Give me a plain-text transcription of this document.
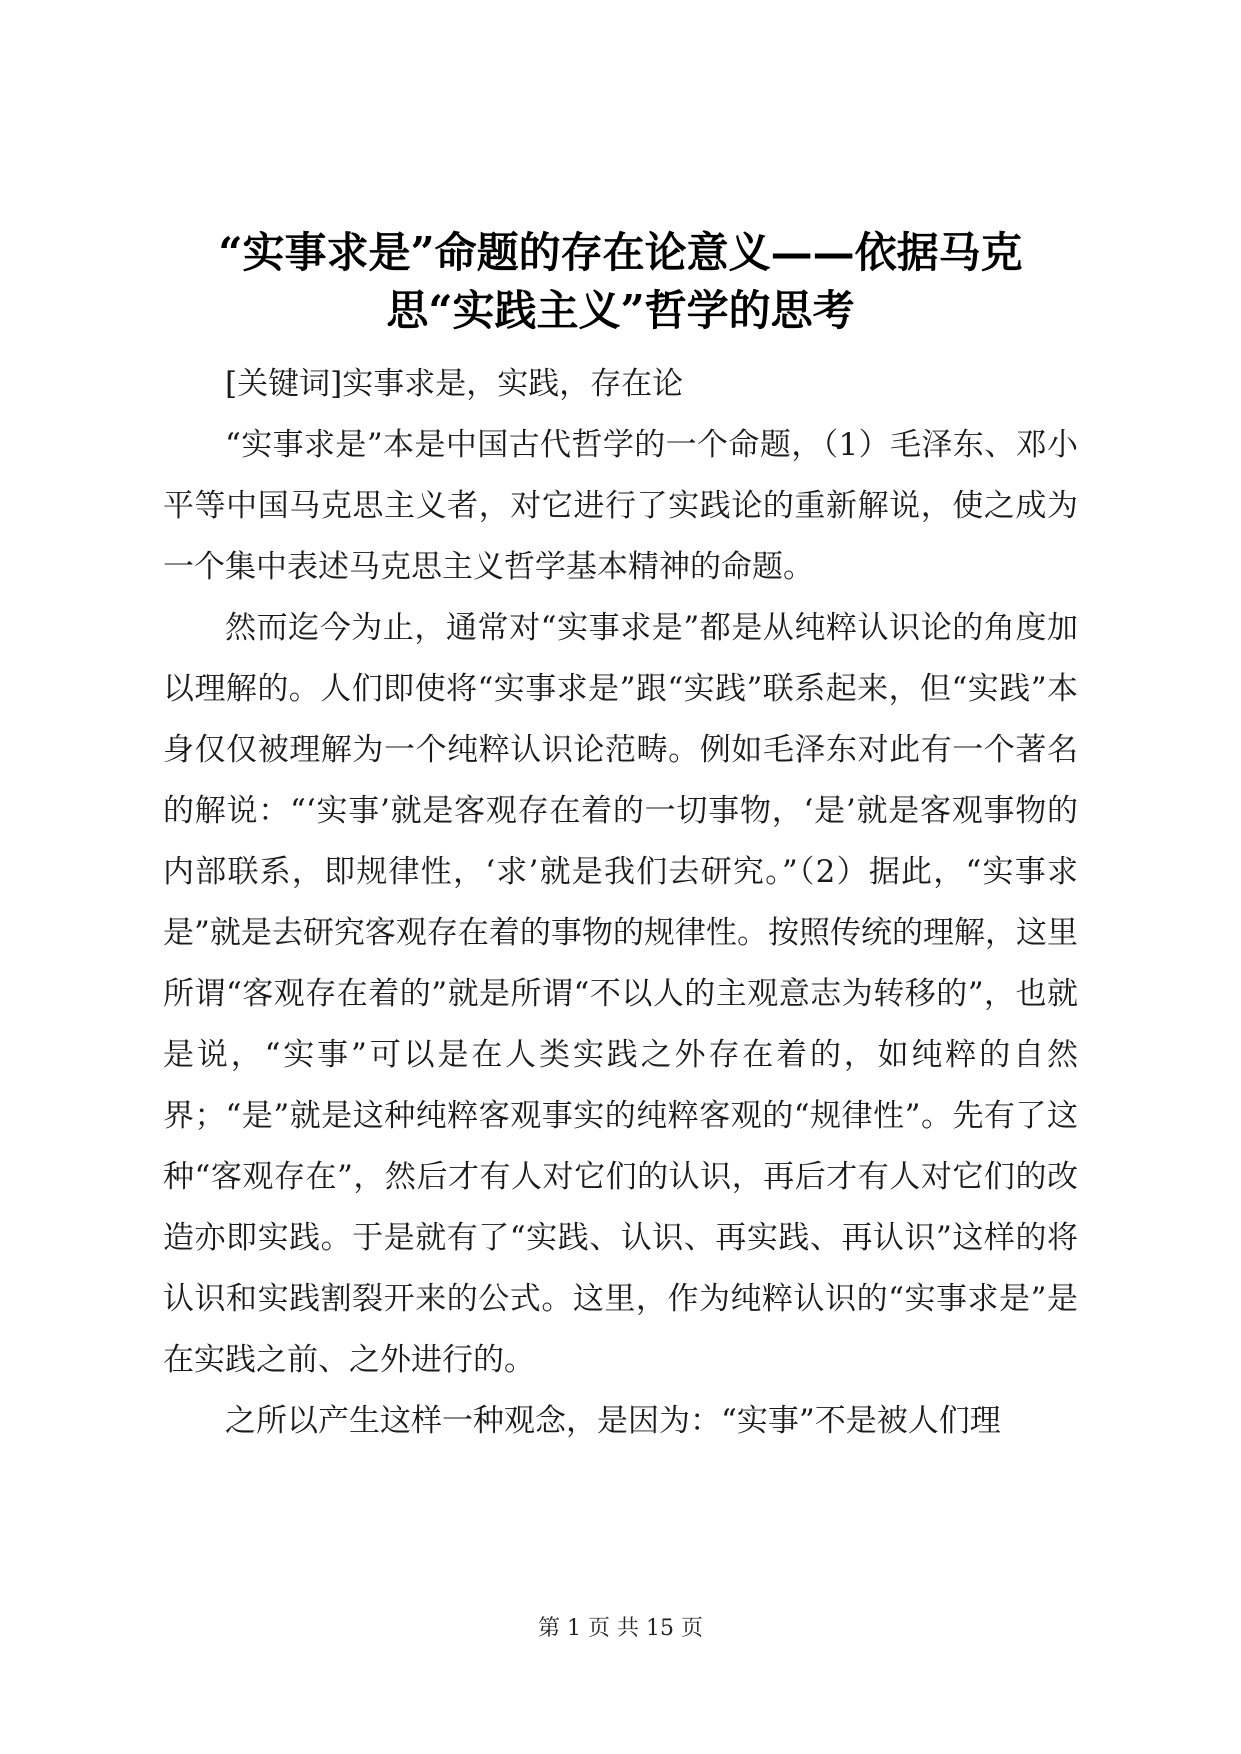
“实事求是”命题的存在论意义——依据马克
思“实践主义”哲学的思考

[关键词]实事求是，实践，存在论

“实事求是”本是中国古代哲学的一个命题，（1）毛泽东、邓小平等中国马克思主义者，对它进行了实践论的重新解说，使之成为一个集中表述马克思主义哲学基本精神的命题。

然而迄今为止，通常对“实事求是”都是从纯粹认识论的角度加以理解的。人们即使将“实事求是”跟“实践”联系起来，但“实践”本身仅仅被理解为一个纯粹认识论范畴。例如毛泽东对此有一个著名的解说：“‘实事’就是客观存在着的一切事物，‘是’就是客观事物的内部联系，即规律性，‘求’就是我们去研究。”（2）据此，“实事求是”就是去研究客观存在着的事物的规律性。按照传统的理解，这里所谓“客观存在着的”就是所谓“不以人的主观意志为转移的”，也就是说，“实事”可以是在人类实践之外存在着的，如纯粹的自然界；“是”就是这种纯粹客观事实的纯粹客观的“规律性”。先有了这种“客观存在”，然后才有人对它们的认识，再后才有人对它们的改造亦即实践。于是就有了“实践、认识、再实践、再认识”这样的将认识和实践割裂开来的公式。这里，作为纯粹认识的“实事求是”是在实践之前、之外进行的。

之所以产生这样一种观念，是因为：“实事”不是被人们理

第 1 页 共 15 页
